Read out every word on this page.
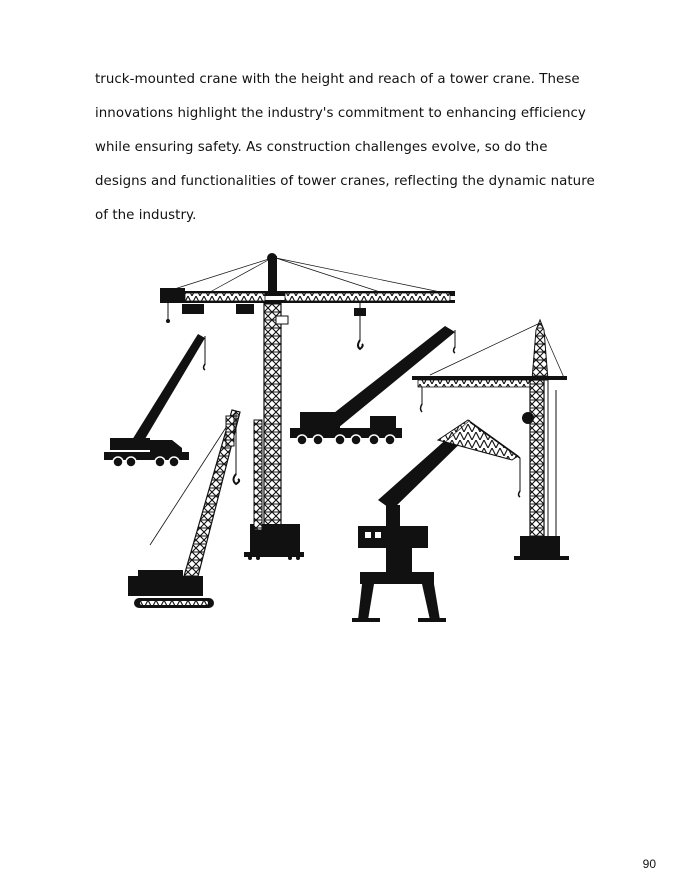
truck-mounted crane with the height and reach of a tower crane. These
innovations highlight the industry's commitment to enhancing efficiency
while ensuring safety. As construction challenges evolve, so do the
designs and functionalities of tower cranes, reflecting the dynamic nature
of the industry.
90
